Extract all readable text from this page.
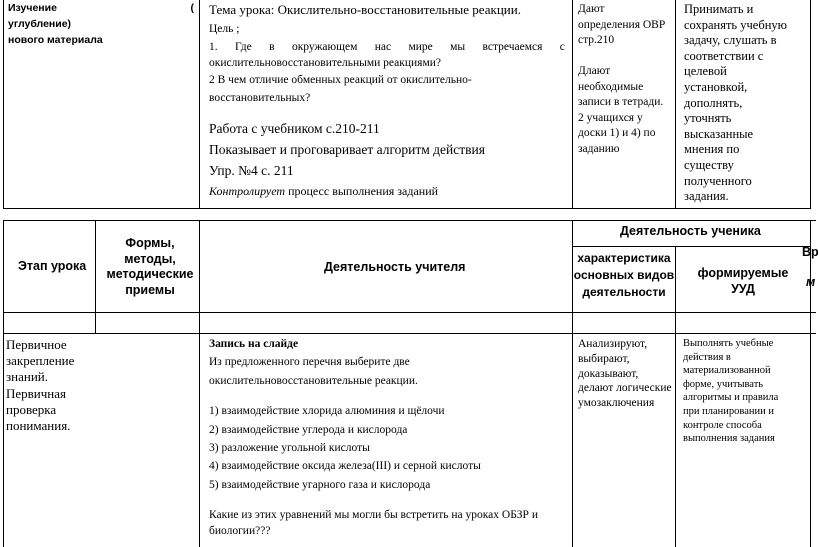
Изучение	(
углубление)
нового материала
Тема урока: Окислительно-восстановительные реакции.
Цель ;
1. Где в окружающем нас мире мы встречаемся с
окислительновосстановительными реакциями?
2 В чем отличие обменных реакций от окислительно-
восстановительных?
Работа с учебником с.210-211
Показывает и проговаривает алгоритм действия
Упр. №4 с. 211
Контролирует процесс выполнения заданий
Дают
определения ОВР
стр.210

Длают
необходимые
записи в тетради.
2 учащихся у
доски 1) и 4) по
заданию
Принимать и
сохранять учебную
задачу, слушать в
соответствии с
целевой
установкой,
дополнять,
уточнять
высказанные
мнения по
существу
полученного
задания.
Этап урока
Формы,
методы,
методические
приемы
Деятельность учителя
Деятельность ученика
характеристика
основных видов
деятельности
формируемые
УУД
Вр
м
Первичное
закрепление
знаний.
Первичная
проверка
понимания.
Запись на слайде
Из предложенного перечня выберите две
окислительновосстановительные реакции.
1) взаимодействие хлорида алюминия и щёлочи
2) взаимодействие углерода и кислорода
3) разложение угольной кислоты
4) взаимодействие оксида железа(III) и серной кислоты
5) взаимодействие угарного газа и кислорода
Какие из этих уравнений мы могли бы встретить на уроках ОБЗР и
биологии???
Анализируют,
выбирают,
доказывают,
делают логические
умозаключения
Выполнять учебные
действия в
материализованной
форме, учитывать
алгоритмы и правила
при планировании и
контроле способа
выполнения задания
